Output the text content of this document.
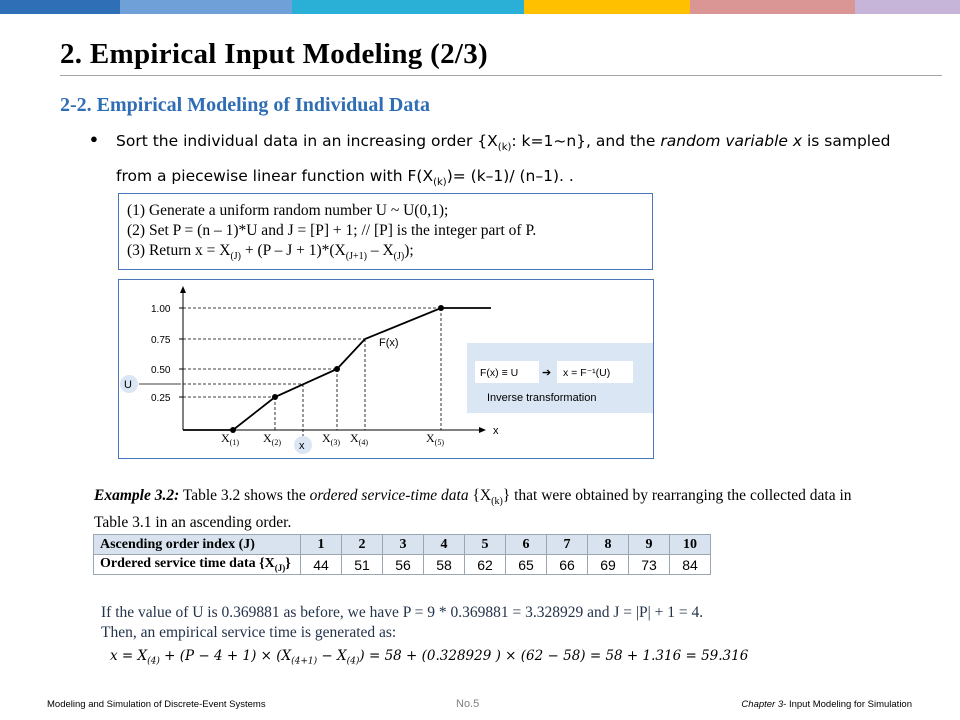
2. Empirical Input Modeling (2/3)
2-2. Empirical Modeling of Individual Data
● Sort the individual data in an increasing order {$X_{(k)}$: k=1~n}, and the random variable x is sampled from a piecewise linear function with $F(X_{(k)})= (k-1)/$ (n–1). .
(1) Generate a uniform random number U ~ U(0,1);
(2) Set P = (n – 1)*U and J = [P] + 1; // [P] is the integer part of P.
(3) Return $x = X_{(J)} + (P - J + 1)*(X_{(J+1)} - X_{(J)})$;
x
1.00
0.75
0.50
0.25
F(x)
U
x
$X_{(1)}$ $X_{(2)}$	$X_{(3)}$ $X_{(4)}$	$X_{(5)}$
F(x) ≡ U ➔ x = F⁻¹(U)
Inverse transformation
Example 3.2: Table 3.2 shows the ordered service-time data $\{X_{(k)}\}$ that were obtained by rearranging the collected data in Table 3.1 in an ascending order.
Ascending order index (J)	1	2	3	4	5	6	7	8	9	10
Ordered service time data $\{X_{(J)}\}$	44	51	56	58	62	65	66	69	73	84
If the value of U is 0.369881 as before, we have P = 9 * 0.369881 = 3.328929 and J = |P| + 1 = 4.
Then, an empirical service time is generated as:
$x = X_{(4)} + (P - 4 + 1) \times (X_{(4+1)} - X_{(4)}) = 58 + (0.328929$ ) × (62 − 58) = 58 + 1.316 = 59.316
Modeling and Simulation of Discrete-Event Systems	No.5	Chapter 3- Input Modeling for Simulation
